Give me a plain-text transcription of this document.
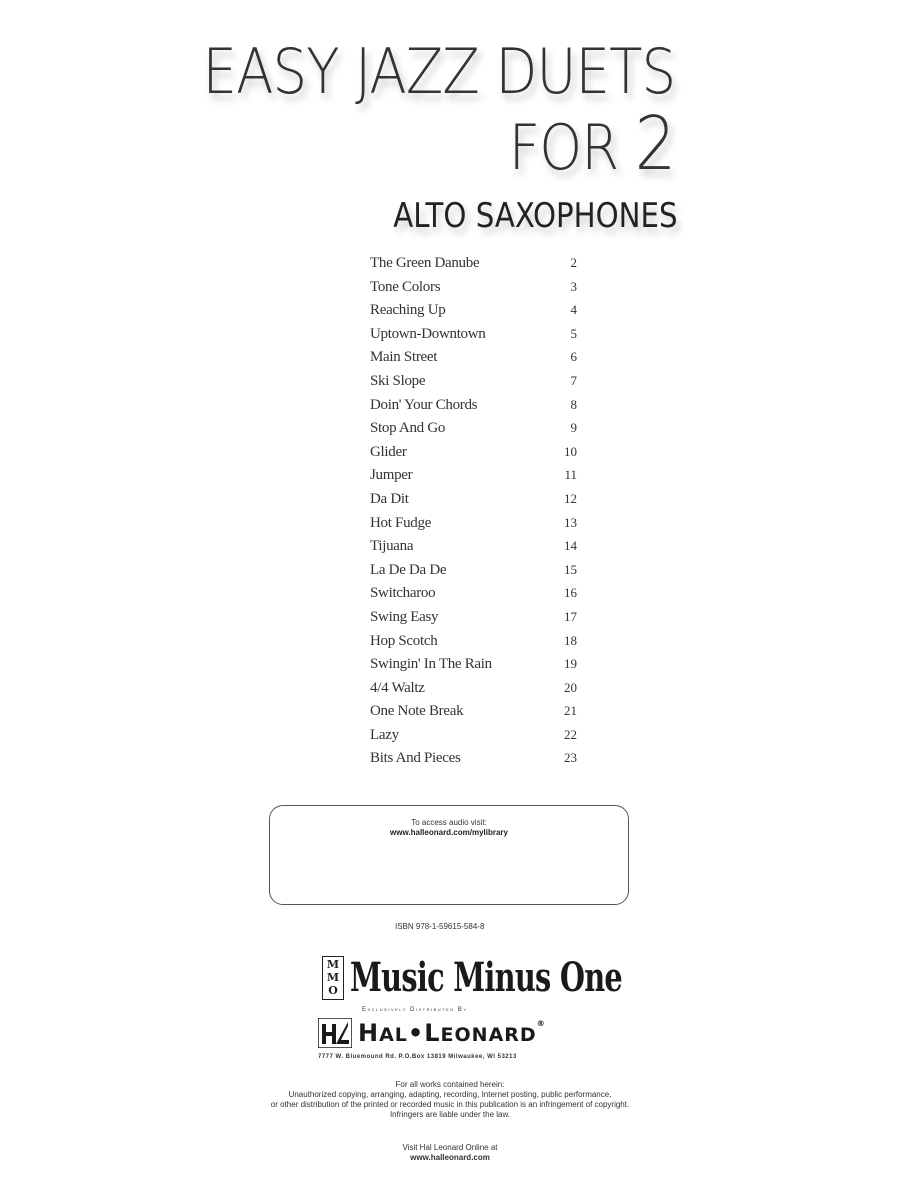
EASY JAZZ DUETS
FOR 2
ALTO SAXOPHONES
The Green Danube	2
Tone Colors	3
Reaching Up	4
Uptown-Downtown	5
Main Street	6
Ski Slope	7
Doin' Your Chords	8
Stop And Go	9
Glider	10
Jumper	11
Da Dit	12
Hot Fudge	13
Tijuana	14
La De Da De	15
Switcharoo	16
Swing Easy	17
Hop Scotch	18
Swingin' In The Rain	19
4/4 Waltz	20
One Note Break	21
Lazy	22
Bits And Pieces	23
To access audio visit:
www.halleonard.com/mylibrary
ISBN 978-1-59615-584-8
M
M
O Music Minus One
Exclusively Distributed By
HAL•LEONARD®
7777 W. Bluemound Rd. P.O.Box 13819 Milwaukee, WI 53213
For all works contained herein:
Unauthorized copying, arranging, adapting, recording, Internet posting, public performance,
or other distribution of the printed or recorded music in this publication is an infringement of copyright.
Infringers are liable under the law.
Visit Hal Leonard Online at
www.halleonard.com
